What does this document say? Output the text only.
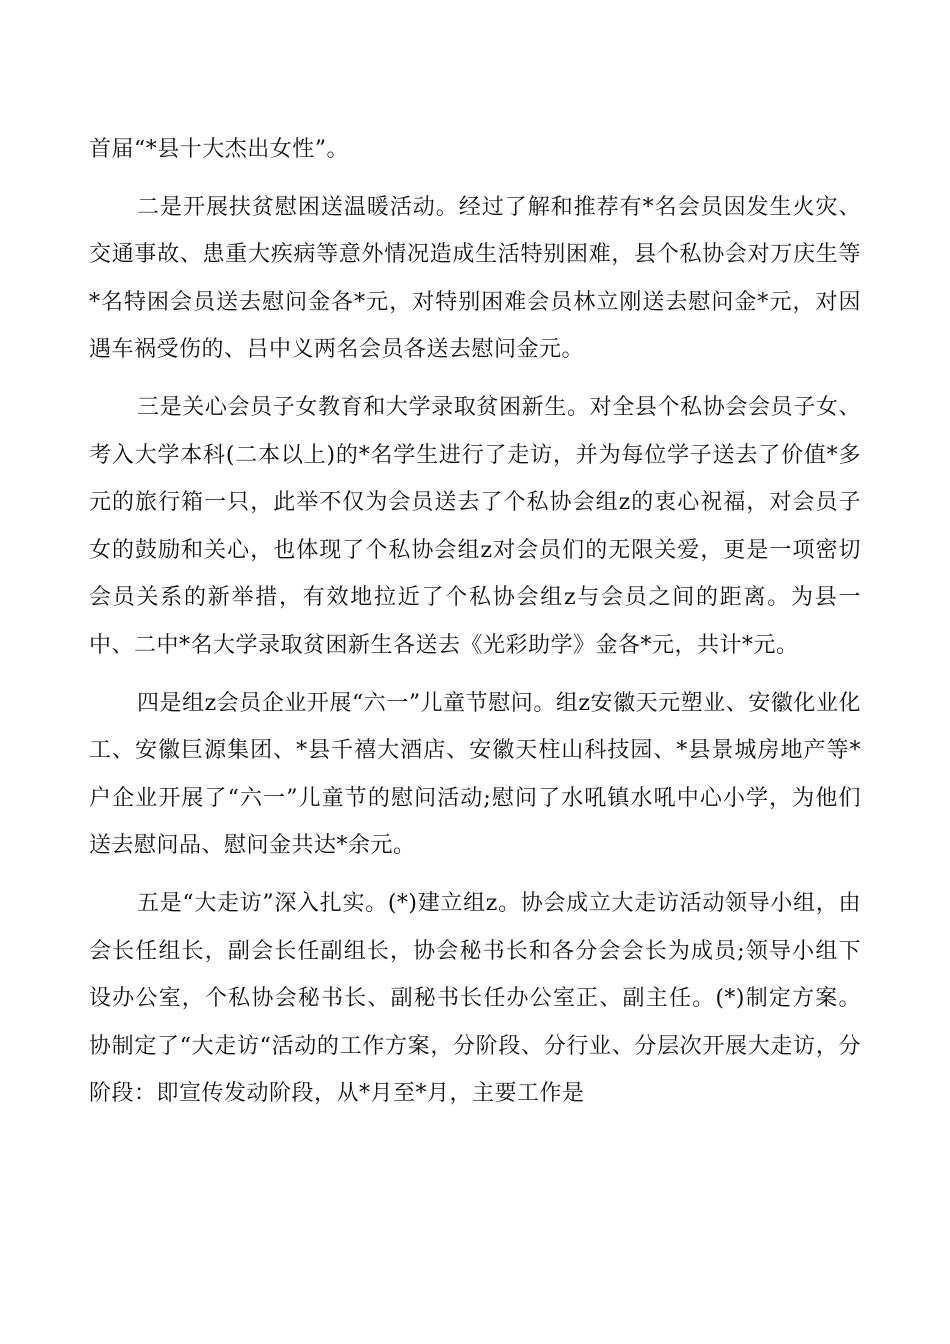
首届“*县十大杰出女性”。

二是开展扶贫慰困送温暖活动。经过了解和推荐有*名会员因发生火灾、交通事故、患重大疾病等意外情况造成生活特别困难，县个私协会对万庆生等*名特困会员送去慰问金各*元，对特别困难会员林立刚送去慰问金*元，对因遇车祸受伤的、吕中义两名会员各送去慰问金元。

三是关心会员子女教育和大学录取贫困新生。对全县个私协会会员子女、考入大学本科(二本以上)的*名学生进行了走访，并为每位学子送去了价值*多元的旅行箱一只，此举不仅为会员送去了个私协会组z的衷心祝福，对会员子女的鼓励和关心，也体现了个私协会组z对会员们的无限关爱，更是一项密切会员关系的新举措，有效地拉近了个私协会组z与会员之间的距离。为县一中、二中*名大学录取贫困新生各送去《光彩助学》金各*元，共计*元。

四是组z会员企业开展“六一”儿童节慰问。组z安徽天元塑业、安徽化业化工、安徽巨源集团、*县千禧大酒店、安徽天柱山科技园、*县景城房地产等*户企业开展了“六一”儿童节的慰问活动;慰问了水吼镇水吼中心小学，为他们送去慰问品、慰问金共达*余元。

五是“大走访”深入扎实。(*)建立组z。协会成立大走访活动领导小组，由会长任组长，副会长任副组长，协会秘书长和各分会会长为成员;领导小组下设办公室，个私协会秘书长、副秘书长任办公室正、副主任。(*)制定方案。协制定了“大走访“活动的工作方案，分阶段、分行业、分层次开展大走访，分阶段：即宣传发动阶段，从*月至*月，主要工作是
